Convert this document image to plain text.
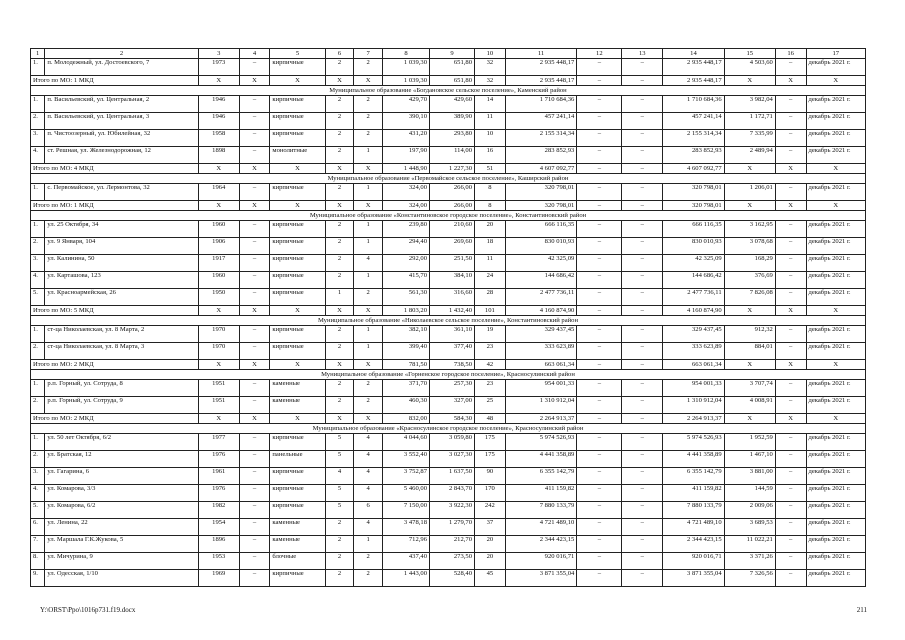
1	2	3	4	5	6	7	8	9	10	11	12	13	14	15	16	17
1.	п. Молодежный, ул. Достоевского, 7	1973	–	кирпичные	2	2	1 039,30	651,80	32	2 935 448,17	–	–	2 935 448,17	4 503,60	–	декабрь 2021 г.
Итого по МО: 1 МКД		Х	Х	Х	Х	Х	1 039,30	651,80	32	2 935 448,17	–	–	2 935 448,17	Х	Х	Х
Муниципальное образование «Богдановское сельское поселение», Каменский район																
1.	п. Васильевский, ул. Центральная, 2	1946	–	кирпичные	2	2	429,70	429,60	14	1 710 684,36	–	–	1 710 684,36	3 982,04	–	декабрь 2021 г.
2.	п. Васильевский, ул. Центральная, 3	1946	–	кирпичные	2	2	390,10	389,90	11	457 241,14	–	–	457 241,14	1 172,71	–	декабрь 2021 г.
3.	п. Чистоозерный, ул. Юбилейная, 32	1958	–	кирпичные	2	2	431,20	293,80	10	2 155 314,34	–	–	2 155 314,34	7 335,99	–	декабрь 2021 г.
4.	ст. Решная, ул. Железнодорожная, 12	1898	–	монолитные	2	1	197,90	114,00	16	283 852,93	–	–	283 852,93	2 489,94	–	декабрь 2021 г.
Итого по МО: 4 МКД		Х	Х	Х	Х	Х	1 448,90	1 227,30	51	4 607 092,77	–	–	4 607 092,77	Х	Х	Х
Муниципальное образование «Первомайское сельское поселение», Каширский район																
1.	с. Первомайское, ул. Лермонтова, 32	1964	–	кирпичные	2	1	324,00	266,00	8	320 798,01	–	–	320 798,01	1 206,01	–	декабрь 2021 г.
Итого по МО: 1 МКД		Х	Х	Х	Х	Х	324,00	266,00	8	320 798,01	–	–	320 798,01	Х	Х	Х
Муниципальное образование «Константиновское городское поселение», Константиновский район																
1.	ул. 25 Октября, 34	1960	–	кирпичные	2	1	239,80	210,60	20	666 116,35	–	–	666 116,35	3 162,95	–	декабрь 2021 г.
2.	ул. 9 Января, 104	1906	–	кирпичные	2	1	294,40	269,60	18	830 010,93	–	–	830 010,93	3 078,68	–	декабрь 2021 г.
3.	ул. Калинина, 50	1917	–	кирпичные	2	4	292,00	251,50	11	42 325,09	–	–	42 325,09	168,29	–	декабрь 2021 г.
4.	ул. Карташова, 123	1960	–	кирпичные	2	1	415,70	384,10	24	144 686,42	–	–	144 686,42	376,69	–	декабрь 2021 г.
5.	ул. Красноармейская, 26	1950	–	кирпичные	1	2	561,30	316,60	28	2 477 736,11	–	–	2 477 736,11	7 826,08	–	декабрь 2021 г.
Итого по МО: 5 МКД		Х	Х	Х	Х	Х	1 803,20	1 432,40	101	4 160 874,90	–	–	4 160 874,90	Х	Х	Х
Муниципальное образование «Николаевское сельское поселение», Константиновский район																
1.	ст-ца Николаевская, ул. 8 Марта, 2	1970	–	кирпичные	2	1	382,10	361,10	19	329 437,45	–	–	329 437,45	912,32	–	декабрь 2021 г.
2.	ст-ца Николаевская, ул. 8 Марта, 3	1970	–	кирпичные	2	1	399,40	377,40	23	333 623,89	–	–	333 623,89	884,01	–	декабрь 2021 г.
Итого по МО: 2 МКД		Х	Х	Х	Х	Х	781,50	738,50	42	663 061,34	–	–	663 061,34	Х	Х	Х
Муниципальное образование «Горненское городское поселение», Красносулинский район																
1.	р.п. Горный, ул. Сотруда, 8	1951	–	каменные	2	2	371,70	257,30	23	954 001,33	–	–	954 001,33	3 707,74	–	декабрь 2021 г.
2.	р.п. Горный, ул. Сотруда, 9	1951	–	каменные	2	2	460,30	327,00	25	1 310 912,04	–	–	1 310 912,04	4 008,91	–	декабрь 2021 г.
Итого по МО: 2 МКД		Х	Х	Х	Х	Х	832,00	584,30	48	2 264 913,37	–	–	2 264 913,37	Х	Х	Х
Муниципальное образование «Красносулинское городское поселение», Красносулинский район																
1.	ул. 50 лет Октября, 6/2	1977	–	кирпичные	5	4	4 044,60	3 059,80	175	5 974 526,93	–	–	5 974 526,93	1 952,59	–	декабрь 2021 г.
2.	ул. Братская, 12	1976	–	панельные	5	4	3 552,40	3 027,30	175	4 441 358,89	–	–	4 441 358,89	1 467,10	–	декабрь 2021 г.
3.	ул. Гагарина, 6	1961	–	кирпичные	4	4	3 752,87	1 637,50	90	6 355 142,79	–	–	6 355 142,79	3 881,00	–	декабрь 2021 г.
4.	ул. Комарова, 3/3	1976	–	кирпичные	5	4	5 460,00	2 843,70	170	411 159,82	–	–	411 159,82	144,59	–	декабрь 2021 г.
5.	ул. Комарова, 6/2	1982	–	кирпичные	5	6	7 150,00	3 922,30	242	7 880 133,79	–	–	7 880 133,79	2 009,06	–	декабрь 2021 г.
6.	ул. Ленина, 22	1954	–	каменные	2	4	3 478,18	1 279,70	37	4 721 489,10	–	–	4 721 489,10	3 689,53	–	декабрь 2021 г.
7.	ул. Маршала Г.К.Жукова, 5	1896	–	каменные	2	1	712,96	212,70	20	2 344 423,15	–	–	2 344 423,15	11 022,21	–	декабрь 2021 г.
8.	ул. Мичурина, 9	1953	–	блочные	2	2	437,40	273,50	20	920 016,71	–	–	920 016,71	3 371,26	–	декабрь 2021 г.
9.	ул. Одесская, 1/10	1969	–	кирпичные	2	2	1 443,00	528,40	45	3 871 355,04	–	–	3 871 355,04	7 326,56	–	декабрь 2021 г.
Y:\ORST\Ppo\1016p731.f19.docx	211
